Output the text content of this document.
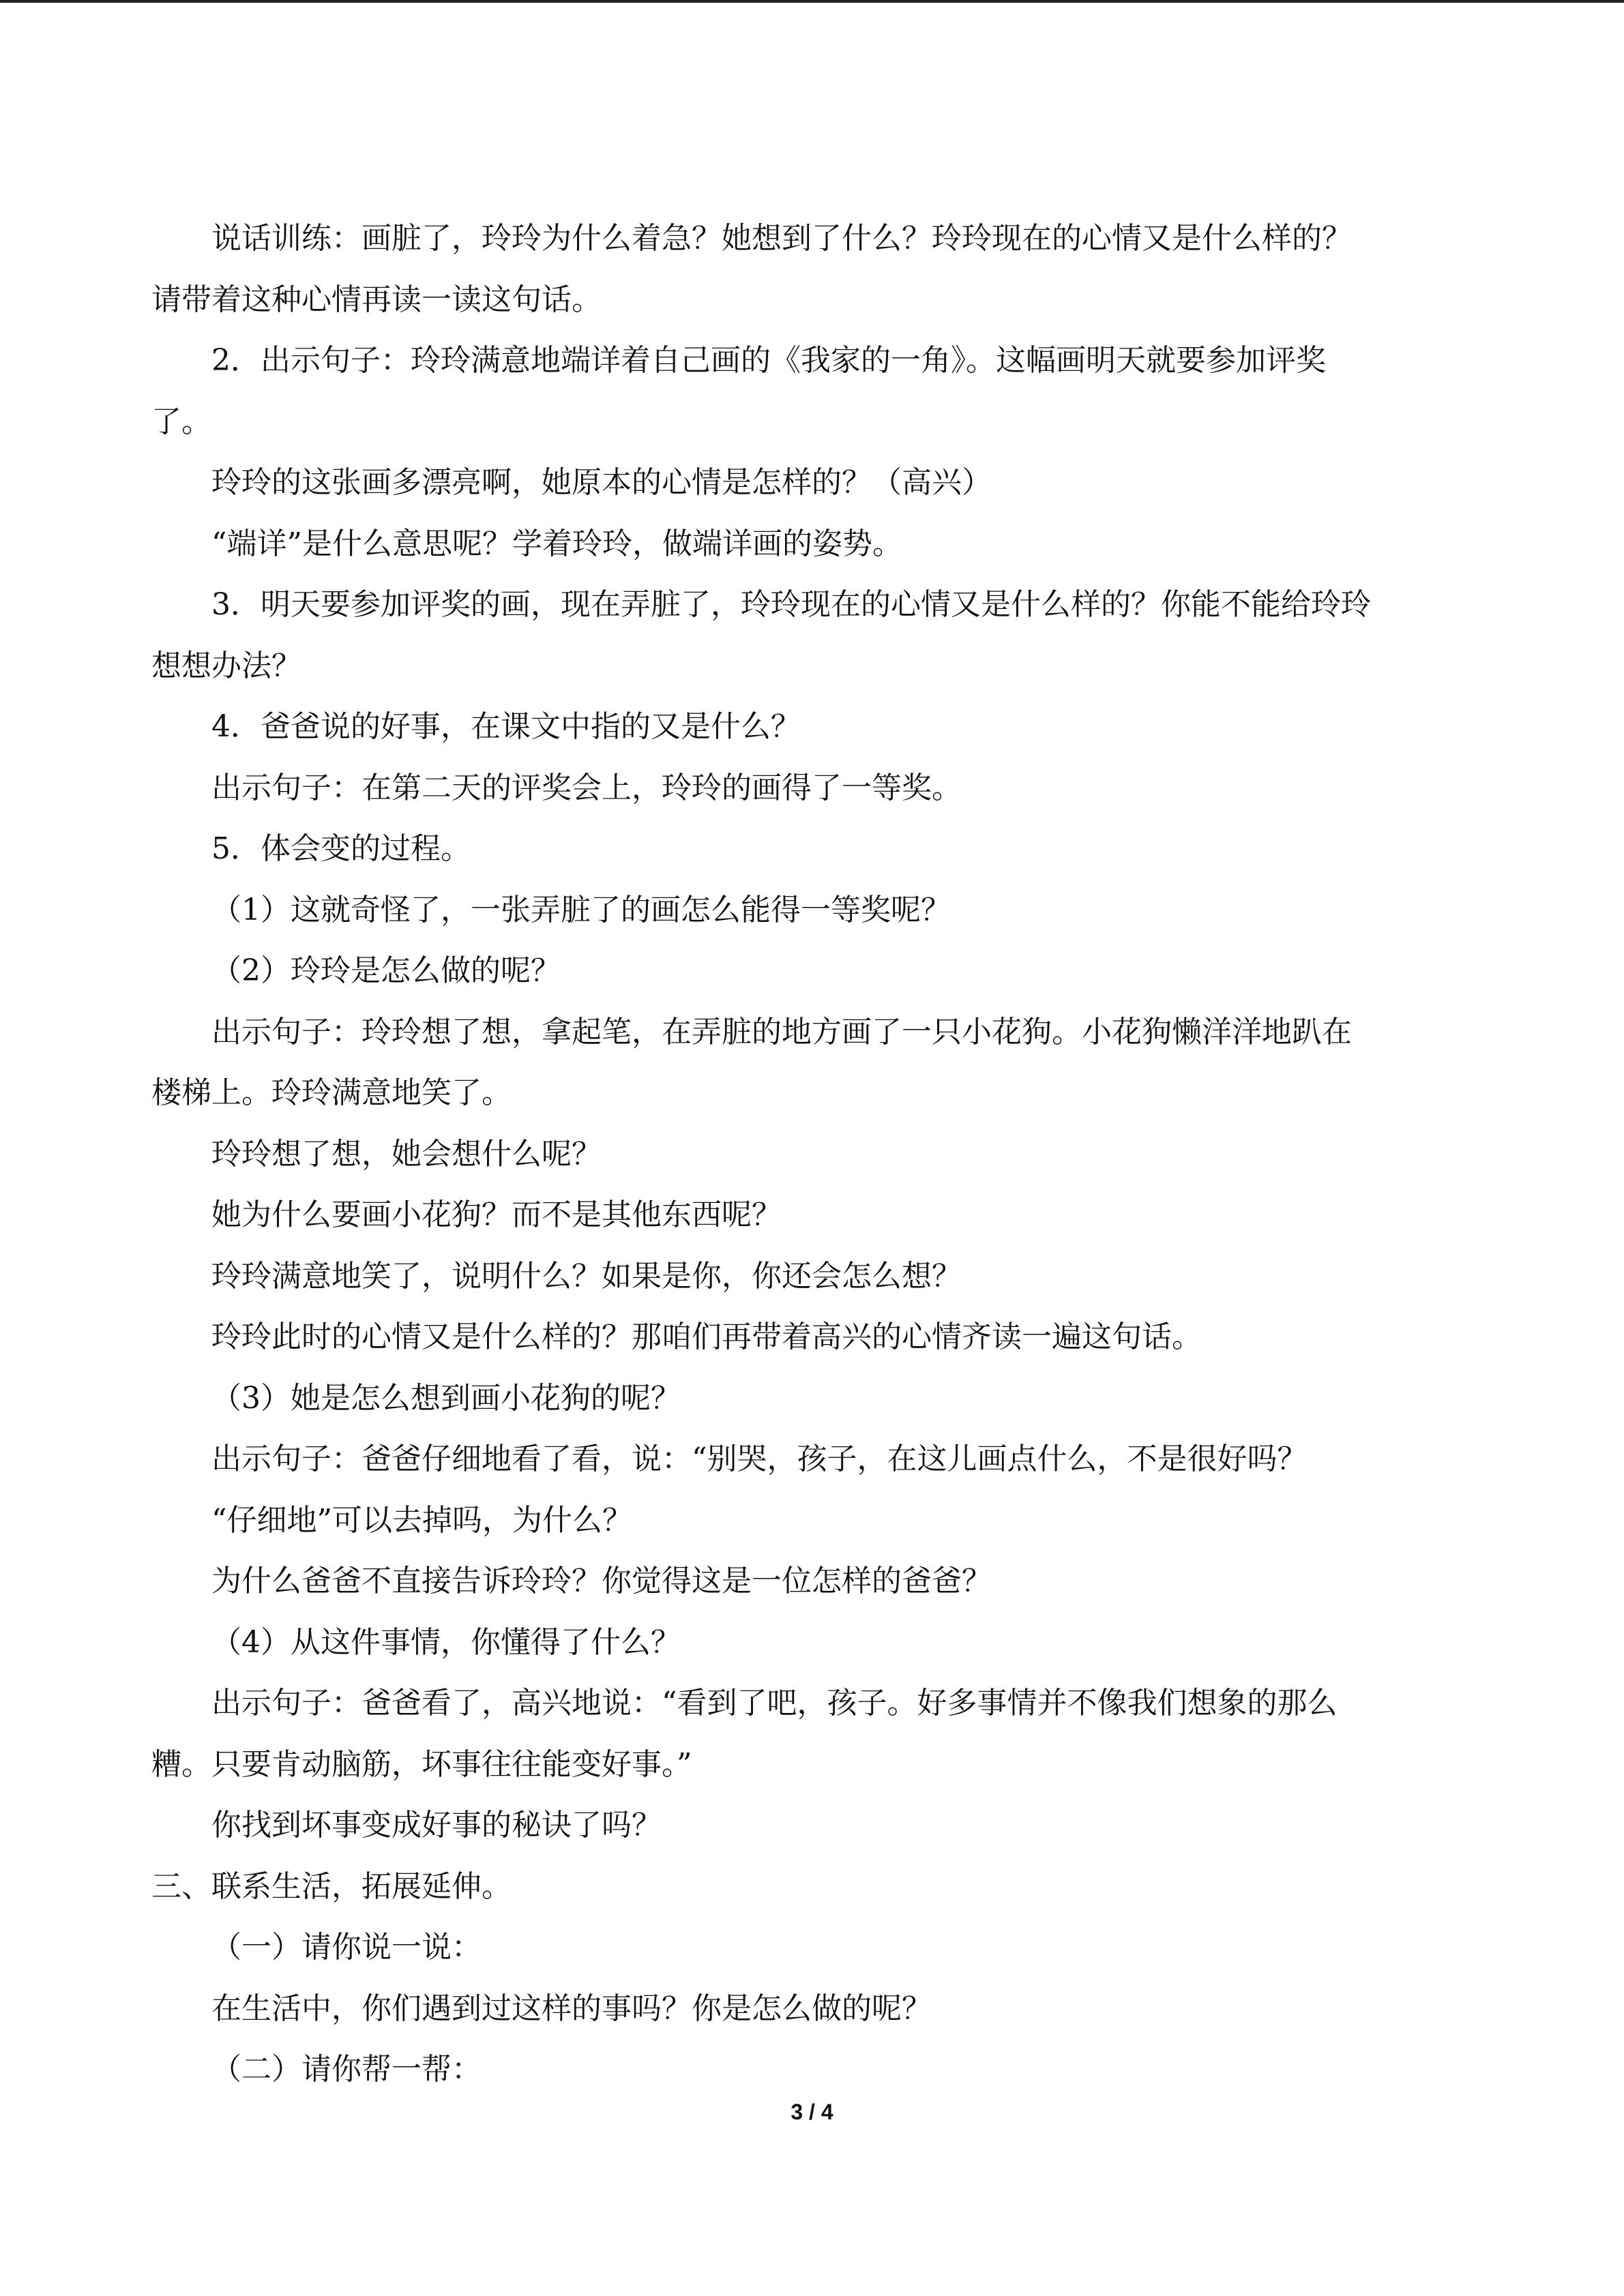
说话训练：画脏了，玲玲为什么着急？她想到了什么？玲玲现在的心情又是什么样的？
请带着这种心情再读一读这句话。
2．出示句子：玲玲满意地端详着自己画的《我家的一角》。这幅画明天就要参加评奖
了。
玲玲的这张画多漂亮啊，她原本的心情是怎样的？（高兴）
“端详”是什么意思呢？学着玲玲，做端详画的姿势。
3．明天要参加评奖的画，现在弄脏了，玲玲现在的心情又是什么样的？你能不能给玲玲
想想办法？
4．爸爸说的好事，在课文中指的又是什么？
出示句子：在第二天的评奖会上，玲玲的画得了一等奖。
5．体会变的过程。
（1）这就奇怪了，一张弄脏了的画怎么能得一等奖呢？
（2）玲玲是怎么做的呢？
出示句子：玲玲想了想，拿起笔，在弄脏的地方画了一只小花狗。小花狗懒洋洋地趴在
楼梯上。玲玲满意地笑了。
玲玲想了想，她会想什么呢？
她为什么要画小花狗？而不是其他东西呢？
玲玲满意地笑了，说明什么？如果是你，你还会怎么想？
玲玲此时的心情又是什么样的？那咱们再带着高兴的心情齐读一遍这句话。
（3）她是怎么想到画小花狗的呢？
出示句子：爸爸仔细地看了看，说：“别哭，孩子，在这儿画点什么，不是很好吗？
“仔细地”可以去掉吗，为什么？
为什么爸爸不直接告诉玲玲？你觉得这是一位怎样的爸爸？
（4）从这件事情，你懂得了什么？
出示句子：爸爸看了，高兴地说：“看到了吧，孩子。好多事情并不像我们想象的那么
糟。只要肯动脑筋，坏事往往能变好事。”
你找到坏事变成好事的秘诀了吗？
三、联系生活，拓展延伸。
（一）请你说一说：
在生活中，你们遇到过这样的事吗？你是怎么做的呢？
（二）请你帮一帮：
3 / 4
